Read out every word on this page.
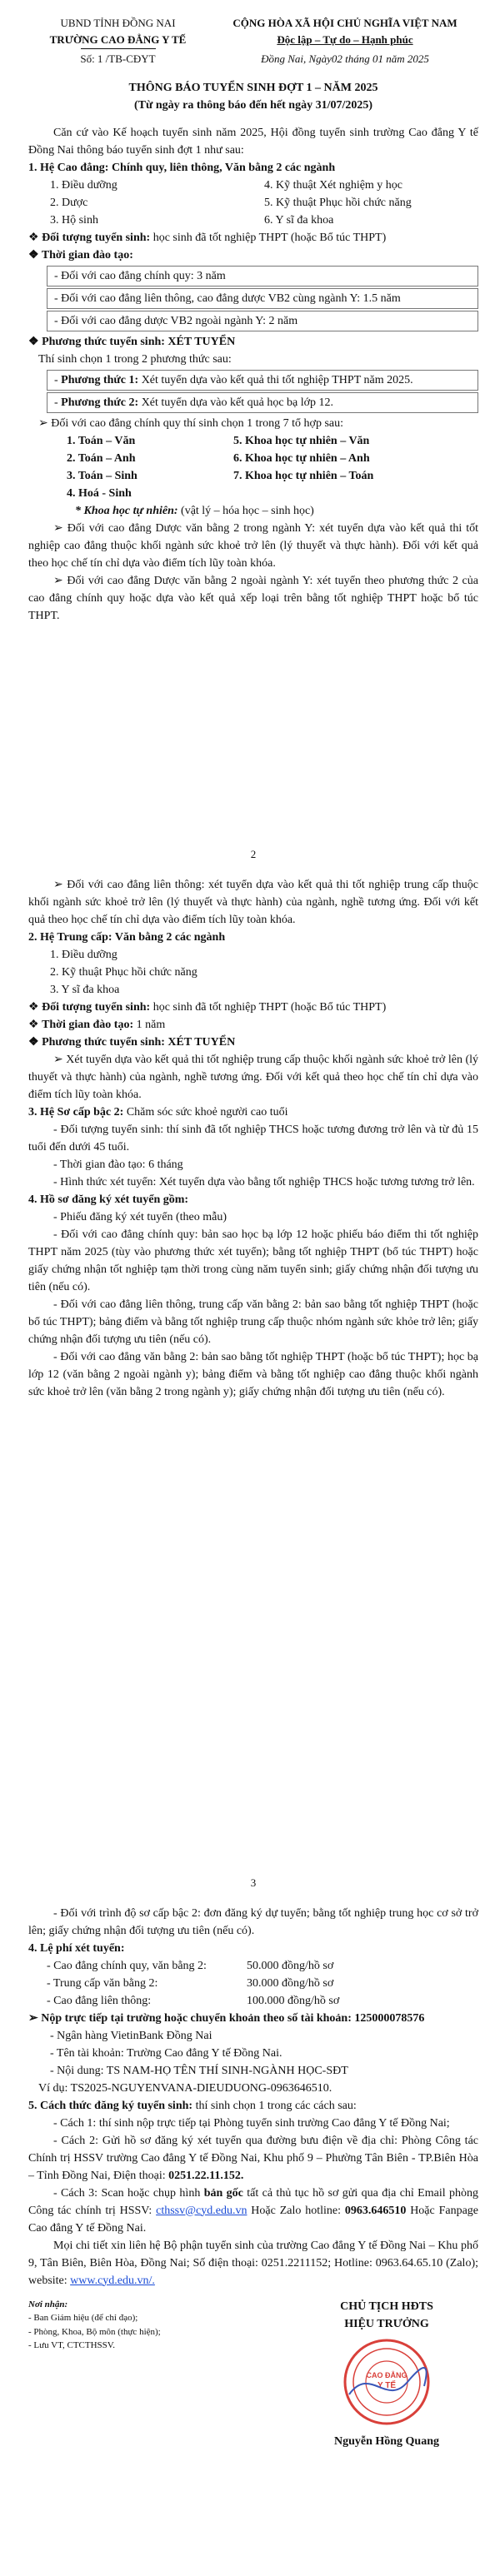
UBND TỈNH ĐỒNG NAI
TRƯỜNG CAO ĐẲNG Y TẾ
Số: 1 /TB-CĐYT
CỘNG HÒA XÃ HỘI CHỦ NGHĨA VIỆT NAM
Độc lập – Tự do – Hạnh phúc
Đồng Nai, Ngày02 tháng 01 năm 2025
THÔNG BÁO TUYỂN SINH ĐỢT 1 – NĂM 2025
(Từ ngày ra thông báo đến hết ngày 31/07/2025)

Căn cứ vào Kế hoạch tuyển sinh năm 2025, Hội đồng tuyển sinh trường Cao đẳng Y tế Đồng Nai thông báo tuyển sinh đợt 1 như sau:

1. Hệ Cao đẳng: Chính quy, liên thông, Văn bằng 2 các ngành
1. Điều dưỡng	4. Kỹ thuật Xét nghiệm y học
2. Dược	5. Kỹ thuật Phục hồi chức năng
3. Hộ sinh	6. Y sĩ đa khoa
❖ Đối tượng tuyển sinh: học sinh đã tốt nghiệp THPT (hoặc Bổ túc THPT)
❖ Thời gian đào tạo:
- Đối với cao đẳng chính quy: 3 năm
- Đối với cao đẳng liên thông, cao đẳng dược VB2 cùng ngành Y: 1.5 năm
- Đối với cao đẳng dược VB2 ngoài ngành Y: 2 năm
❖ Phương thức tuyển sinh: XÉT TUYỂN
Thí sinh chọn 1 trong 2 phương thức sau:
- Phương thức 1: Xét tuyển dựa vào kết quả thi tốt nghiệp THPT năm 2025.
- Phương thức 2: Xét tuyển dựa vào kết quả học bạ lớp 12.
➢ Đối với cao đẳng chính quy thí sinh chọn 1 trong 7 tổ hợp sau:
1. Toán – Văn	5. Khoa học tự nhiên – Văn
2. Toán – Anh	6. Khoa học tự nhiên – Anh
3. Toán – Sinh	7. Khoa học tự nhiên – Toán
4. Hoá - Sinh
* Khoa học tự nhiên: (vật lý – hóa học – sinh học)

➢ Đối với cao đẳng Dược văn bằng 2 trong ngành Y: xét tuyển dựa vào kết quả thi tốt nghiệp cao đẳng thuộc khối ngành sức khoẻ trở lên (lý thuyết và thực hành). Đối với kết quả theo học chế tín chỉ dựa vào điểm tích lũy toàn khóa.

➢ Đối với cao đẳng Dược văn bằng 2 ngoài ngành Y: xét tuyển theo phương thức 2 của cao đẳng chính quy hoặc dựa vào kết quả xếp loại trên bằng tốt nghiệp THPT hoặc bổ túc THPT.

2

➢ Đối với cao đẳng liên thông: xét tuyển dựa vào kết quả thi tốt nghiệp trung cấp thuộc khối ngành sức khoẻ trở lên (lý thuyết và thực hành) của ngành, nghề tương ứng. Đối với kết quả theo học chế tín chỉ dựa vào điểm tích lũy toàn khóa.

2. Hệ Trung cấp: Văn bằng 2 các ngành
1. Điều dưỡng
2. Kỹ thuật Phục hồi chức năng
3. Y sĩ đa khoa
❖ Đối tượng tuyển sinh: học sinh đã tốt nghiệp THPT (hoặc Bổ túc THPT)
❖ Thời gian đào tạo: 1 năm
❖ Phương thức tuyển sinh: XÉT TUYỂN

➢ Xét tuyển dựa vào kết quả thi tốt nghiệp trung cấp thuộc khối ngành sức khoẻ trở lên (lý thuyết và thực hành) của ngành, nghề tương ứng. Đối với kết quả theo học chế tín chỉ dựa vào điểm tích lũy toàn khóa.

3. Hệ Sơ cấp bậc 2: Chăm sóc sức khoẻ người cao tuổi

- Đối tượng tuyển sinh: thí sinh đã tốt nghiệp THCS hoặc tương đương trở lên và từ đủ 15 tuổi đến dưới 45 tuổi.

- Thời gian đào tạo: 6 tháng

- Hình thức xét tuyển: Xét tuyển dựa vào bằng tốt nghiệp THCS hoặc tương tương trở lên.

4. Hồ sơ đăng ký xét tuyển gồm:

- Phiếu đăng ký xét tuyển (theo mẫu)

- Đối với cao đẳng chính quy: bản sao học bạ lớp 12 hoặc phiếu báo điểm thi tốt nghiệp THPT năm 2025 (tùy vào phương thức xét tuyển); bằng tốt nghiệp THPT (bổ túc THPT) hoặc giấy chứng nhận tốt nghiệp tạm thời trong cùng năm tuyển sinh; giấy chứng nhận đối tượng ưu tiên (nếu có).

- Đối với cao đẳng liên thông, trung cấp văn bằng 2: bản sao bằng tốt nghiệp THPT (hoặc bổ túc THPT); bảng điểm và bằng tốt nghiệp trung cấp thuộc nhóm ngành sức khỏe trở lên; giấy chứng nhận đối tượng ưu tiên (nếu có).

- Đối với cao đẳng văn bằng 2: bản sao bằng tốt nghiệp THPT (hoặc bổ túc THPT); học bạ lớp 12 (văn bằng 2 ngoài ngành y); bảng điểm và bằng tốt nghiệp cao đẳng thuộc khối ngành sức khoẻ trở lên (văn bằng 2 trong ngành y); giấy chứng nhận đối tượng ưu tiên (nếu có).

3

- Đối với trình độ sơ cấp bậc 2: đơn đăng ký dự tuyển; bằng tốt nghiệp trung học cơ sở trở lên; giấy chứng nhận đối tượng ưu tiên (nếu có).

4. Lệ phí xét tuyển:
- Cao đẳng chính quy, văn bằng 2:	50.000 đồng/hồ sơ
- Trung cấp văn bằng 2:	30.000 đồng/hồ sơ
- Cao đẳng liên thông:	100.000 đồng/hồ sơ

➢ Nộp trực tiếp tại trường hoặc chuyển khoản theo số tài khoản: 125000078576

- Ngân hàng VietinBank Đồng Nai
- Tên tài khoản: Trường Cao đẳng Y tế Đồng Nai.
- Nội dung: TS NAM-HỌ TÊN THÍ SINH-NGÀNH HỌC-SĐT
Ví dụ: TS2025-NGUYENVANA-DIEUDUONG-0963646510.
5. Cách thức đăng ký tuyển sinh: thí sinh chọn 1 trong các cách sau:

- Cách 1: thí sinh nộp trực tiếp tại Phòng tuyển sinh trường Cao đẳng Y tế Đồng Nai;

- Cách 2: Gửi hồ sơ đăng ký xét tuyển qua đường bưu điện về địa chỉ: Phòng Công tác Chính trị HSSV trường Cao đẳng Y tế Đồng Nai, Khu phố 9 – Phường Tân Biên - TP.Biên Hòa – Tỉnh Đồng Nai, Điện thoại: 0251.22.11.152.

- Cách 3: Scan hoặc chụp hình bản gốc tất cả thủ tục hồ sơ gửi qua địa chỉ Email phòng Công tác chính trị HSSV: cthssv@cyd.edu.vn Hoặc Zalo hotline: 0963.646510 Hoặc Fanpage Cao đẳng Y tế Đồng Nai.

Mọi chi tiết xin liên hệ Bộ phận tuyển sinh của trường Cao đẳng Y tế Đồng Nai – Khu phố 9, Tân Biên, Biên Hòa, Đồng Nai; Số điện thoại: 0251.2211152; Hotline: 0963.64.65.10 (Zalo); website: www.cyd.edu.vn/.

Nơi nhận:
- Ban Giám hiệu (để chỉ đạo);
- Phòng, Khoa, Bộ môn (thực hiện);
- Lưu VT, CTCTHSSV.
CHỦ TỊCH HĐTS
HIỆU TRƯỞNG
CAO ĐẲNG
Y TẾ
Nguyễn Hồng Quang
